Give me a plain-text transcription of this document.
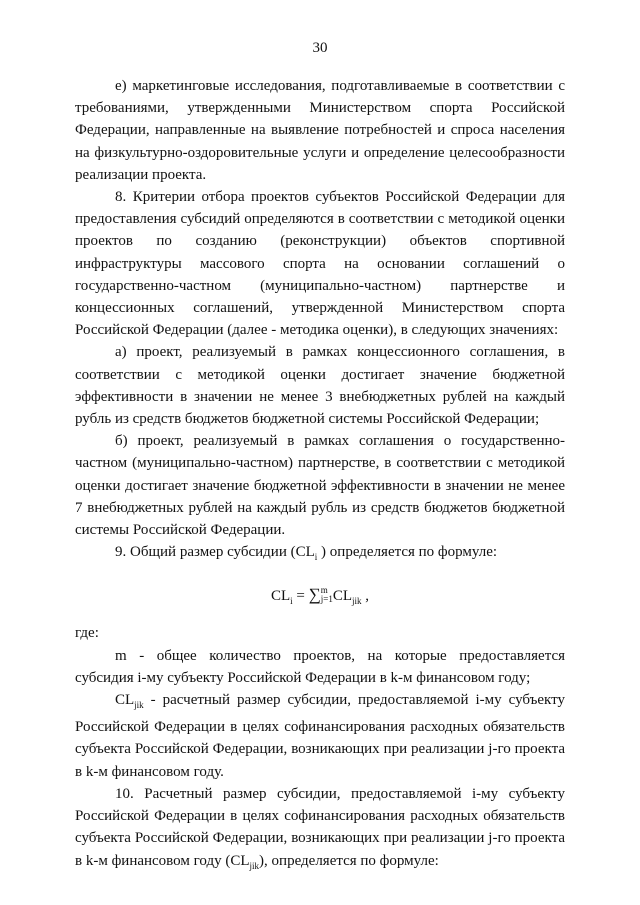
30

е) маркетинговые исследования, подготавливаемые в соответствии с требованиями, утвержденными Министерством спорта Российской Федерации, направленные на выявление потребностей и спроса населения на физкультурно-оздоровительные услуги и определение целесообразности реализации проекта.

8. Критерии отбора проектов субъектов Российской Федерации для предоставления субсидий определяются в соответствии с методикой оценки проектов по созданию (реконструкции) объектов спортивной инфраструктуры массового спорта на основании соглашений о государственно-частном (муниципально-частном) партнерстве и концессионных соглашений, утвержденной Министерством спорта Российской Федерации (далее - методика оценки), в следующих значениях:

а) проект, реализуемый в рамках концессионного соглашения, в соответствии с методикой оценки достигает значение бюджетной эффективности в значении не менее 3 внебюджетных рублей на каждый рубль из средств бюджетов бюджетной системы Российской Федерации;

б) проект, реализуемый в рамках соглашения о государственно-частном (муниципально-частном) партнерстве, в соответствии с методикой оценки достигает значение бюджетной эффективности в значении не менее 7 внебюджетных рублей на каждый рубль из средств бюджетов бюджетной системы Российской Федерации.

9. Общий размер субсидии ($CL_i$ ) определяется по формуле:

$CL_i$ = ∑ m
j=1 $CL_{jik}$ ,

где:

m - общее количество проектов, на которые предоставляется субсидия i-му субъекту Российской Федерации в k-м финансовом году;

$CL_{jik}$ - расчетный размер субсидии, предоставляемой i-му субъекту Российской Федерации в целях софинансирования расходных обязательств субъекта Российской Федерации, возникающих при реализации j-го проекта в k-м финансовом году.

10. Расчетный размер субсидии, предоставляемой i-му субъекту Российской Федерации в целях софинансирования расходных обязательств субъекта Российской Федерации, возникающих при реализации j-го проекта в k-м финансовом году $(CL_{jik})$, определяется по формуле:
